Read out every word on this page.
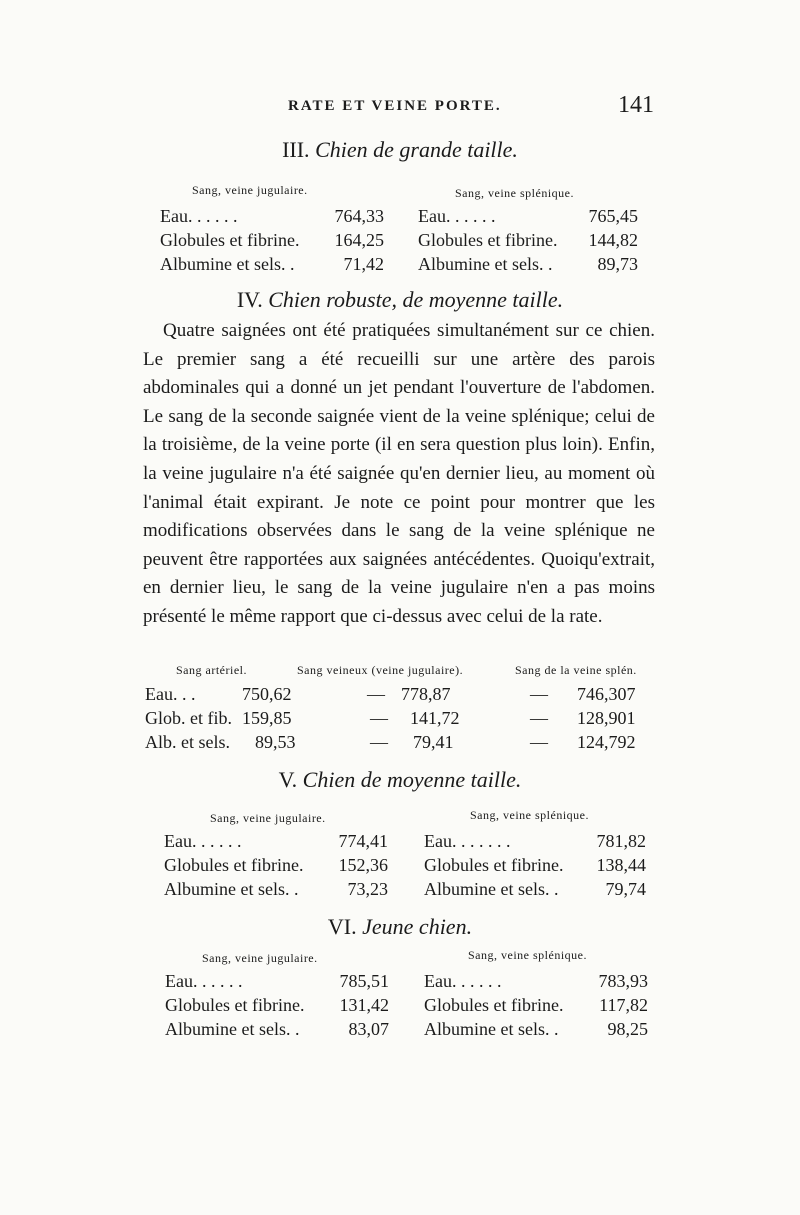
RATE ET VEINE PORTE.	141
III. Chien de grande taille.
Sang, veine jugulaire.	Sang, veine splénique.
Eau. . . . . .	764,33
Globules et fibrine. 164,25
Albumine et sels. .	71,42
Eau. . . . . .	765,45
Globules et fibrine. 144,82
Albumine et sels. .	89,73
IV. Chien robuste, de moyenne taille.
Quatre saignées ont été pratiquées simultanément sur ce chien. Le premier sang a été recueilli sur une artère des parois abdominales qui a donné un jet pendant l'ouverture de l'abdomen. Le sang de la seconde saignée vient de la veine splénique; celui de la troisième, de la veine porte (il en sera question plus loin). Enfin, la veine jugulaire n'a été saignée qu'en dernier lieu, au moment où l'animal était expirant. Je note ce point pour montrer que les modifications observées dans le sang de la veine splénique ne peuvent être rapportées aux saignées antécédentes. Quoiqu'extrait, en dernier lieu, le sang de la veine jugulaire n'en a pas moins présenté le même rapport que ci-dessus avec celui de la rate.
Sang artériel.	Sang veineux (veine jugulaire).	Sang de la veine splén.
Eau. . .	750,62	— 778,87	— 746,307
Glob. et fib. 159,85	— 141,72	— 128,901
Alb. et sels. 89,53	— 79,41	— 124,792
V. Chien de moyenne taille.
Sang, veine jugulaire.	Sang, veine splénique.
Eau. . . . . .	774,41
Globules et fibrine. 152,36
Albumine et sels. .	73,23
Eau. . . . . . .	781,82
Globules et fibrine. 138,44
Albumine et sels. .	79,74
VI. Jeune chien.
Sang, veine jugulaire.	Sang, veine splénique.
Eau. . . . . .	785,51
Globules et fibrine. 131,42
Albumine et sels. .	83,07
Eau. . . . . .	783,93
Globules et fibrine. 117,82
Albumine et sels. .	98,25
